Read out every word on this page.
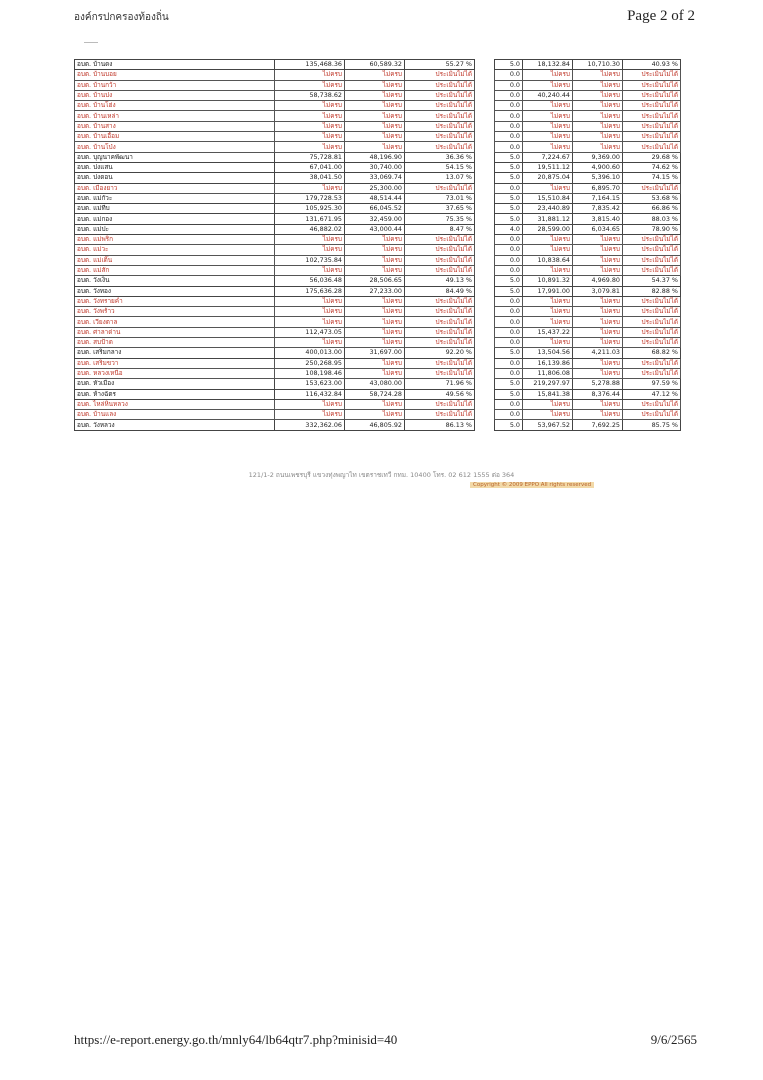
องค์กรปกครองท้องถิ่น	Page 2 of 2
อบต. บ้านดง	135,468.36	60,589.32	55.27 %		5.0	18,132.84	10,710.30	40.93 %
อบต. บ้านบอย	ไม่ครบ	ไม่ครบ	ประเมินไม่ได้		0.0	ไม่ครบ	ไม่ครบ	ประเมินไม่ได้
อบต. บ้านกว้า	ไม่ครบ	ไม่ครบ	ประเมินไม่ได้		0.0	ไม่ครบ	ไม่ครบ	ประเมินไม่ได้
อบต. บ้านปง	58,738.62	ไม่ครบ	ประเมินไม่ได้		0.0	40,240.44	ไม่ครบ	ประเมินไม่ได้
อบต. บ้านโฮ่ง	ไม่ครบ	ไม่ครบ	ประเมินไม่ได้		0.0	ไม่ครบ	ไม่ครบ	ประเมินไม่ได้
อบต. บ้านเหล่า	ไม่ครบ	ไม่ครบ	ประเมินไม่ได้		0.0	ไม่ครบ	ไม่ครบ	ประเมินไม่ได้
อบต. บ้านสาง	ไม่ครบ	ไม่ครบ	ประเมินไม่ได้		0.0	ไม่ครบ	ไม่ครบ	ประเมินไม่ได้
อบต. บ้านเอื้อม	ไม่ครบ	ไม่ครบ	ประเมินไม่ได้		0.0	ไม่ครบ	ไม่ครบ	ประเมินไม่ได้
อบต. บ้านโป่ง	ไม่ครบ	ไม่ครบ	ประเมินไม่ได้		0.0	ไม่ครบ	ไม่ครบ	ประเมินไม่ได้
อบต. บุญนาคพัฒนา	75,728.81	48,196.90	36.36 %		5.0	7,224.67	9,369.00	29.68 %
อบต. ปงแสน	67,041.00	30,740.00	54.15 %		5.0	19,511.12	4,900.60	74.62 %
อบต. ปงดอน	38,041.50	33,069.74	13.07 %		5.0	20,875.04	5,396.10	74.15 %
อบต. เมืองยาว	ไม่ครบ	25,300.00	ประเมินไม่ได้		0.0	ไม่ครบ	6,895.70	ประเมินไม่ได้
อบต. แม่กัวะ	179,728.53	48,514.44	73.01 %		5.0	15,510.84	7,164.15	53.68 %
อบต. แม่ทีบ	105,925.30	66,045.52	37.65 %		5.0	23,440.89	7,835.42	66.86 %
อบต. แม่กอง	131,671.95	32,459.00	75.35 %		5.0	31,881.12	3,815.40	88.03 %
อบต. แม่ปะ	46,882.02	43,000.44	8.47 %		4.0	28,599.00	6,034.65	78.90 %
อบต. แม่พริก	ไม่ครบ	ไม่ครบ	ประเมินไม่ได้		0.0	ไม่ครบ	ไม่ครบ	ประเมินไม่ได้
อบต. แม่วะ	ไม่ครบ	ไม่ครบ	ประเมินไม่ได้		0.0	ไม่ครบ	ไม่ครบ	ประเมินไม่ได้
อบต. แม่เติ๊น	102,735.84	ไม่ครบ	ประเมินไม่ได้		0.0	10,838.64	ไม่ครบ	ประเมินไม่ได้
อบต. แม่สัก	ไม่ครบ	ไม่ครบ	ประเมินไม่ได้		0.0	ไม่ครบ	ไม่ครบ	ประเมินไม่ได้
อบต. วังเงิน	56,036.48	28,506.65	49.13 %		5.0	10,891.32	4,969.80	54.37 %
อบต. วังทอง	175,636.28	27,233.00	84.49 %		5.0	17,991.00	3,079.81	82.88 %
อบต. วังทรายคำ	ไม่ครบ	ไม่ครบ	ประเมินไม่ได้		0.0	ไม่ครบ	ไม่ครบ	ประเมินไม่ได้
อบต. วังพร้าว	ไม่ครบ	ไม่ครบ	ประเมินไม่ได้		0.0	ไม่ครบ	ไม่ครบ	ประเมินไม่ได้
อบต. เวียงตาล	ไม่ครบ	ไม่ครบ	ประเมินไม่ได้		0.0	ไม่ครบ	ไม่ครบ	ประเมินไม่ได้
อบต. ศาลาด่าน	112,473.05	ไม่ครบ	ประเมินไม่ได้		0.0	15,437.22	ไม่ครบ	ประเมินไม่ได้
อบต. สบป้าด	ไม่ครบ	ไม่ครบ	ประเมินไม่ได้		0.0	ไม่ครบ	ไม่ครบ	ประเมินไม่ได้
อบต. เสริมกลาง	400,013.00	31,697.00	92.20 %		5.0	13,504.56	4,211.03	68.82 %
อบต. เสริมขวา	250,268.95	ไม่ครบ	ประเมินไม่ได้		0.0	16,139.86	ไม่ครบ	ประเมินไม่ได้
อบต. หลวงเหนือ	108,198.46	ไม่ครบ	ประเมินไม่ได้		0.0	11,806.08	ไม่ครบ	ประเมินไม่ได้
อบต. หัวเมือง	153,623.00	43,080.00	71.96 %		5.0	219,297.97	5,278.88	97.59 %
อบต. ห้างฉัตร	116,432.84	58,724.28	49.56 %		5.0	15,841.38	8,376.44	47.12 %
อบต. ไหล่หินหลวง	ไม่ครบ	ไม่ครบ	ประเมินไม่ได้		0.0	ไม่ครบ	ไม่ครบ	ประเมินไม่ได้
อบต. บ้านแลง	ไม่ครบ	ไม่ครบ	ประเมินไม่ได้		0.0	ไม่ครบ	ไม่ครบ	ประเมินไม่ได้
อบต. วังหลวง	332,362.06	46,805.92	86.13 %		5.0	53,967.52	7,692.25	85.75 %
121/1-2 ถนนเพชรบุรี แขวงทุ่งพญาไท เขตราชเทวี กทม. 10400 โทร. 02 612 1555 ต่อ 364
Copyright © 2009 EPPO All rights reserved
https://e-report.energy.go.th/mnly64/lb64qtr7.php?minisid=40	9/6/2565
